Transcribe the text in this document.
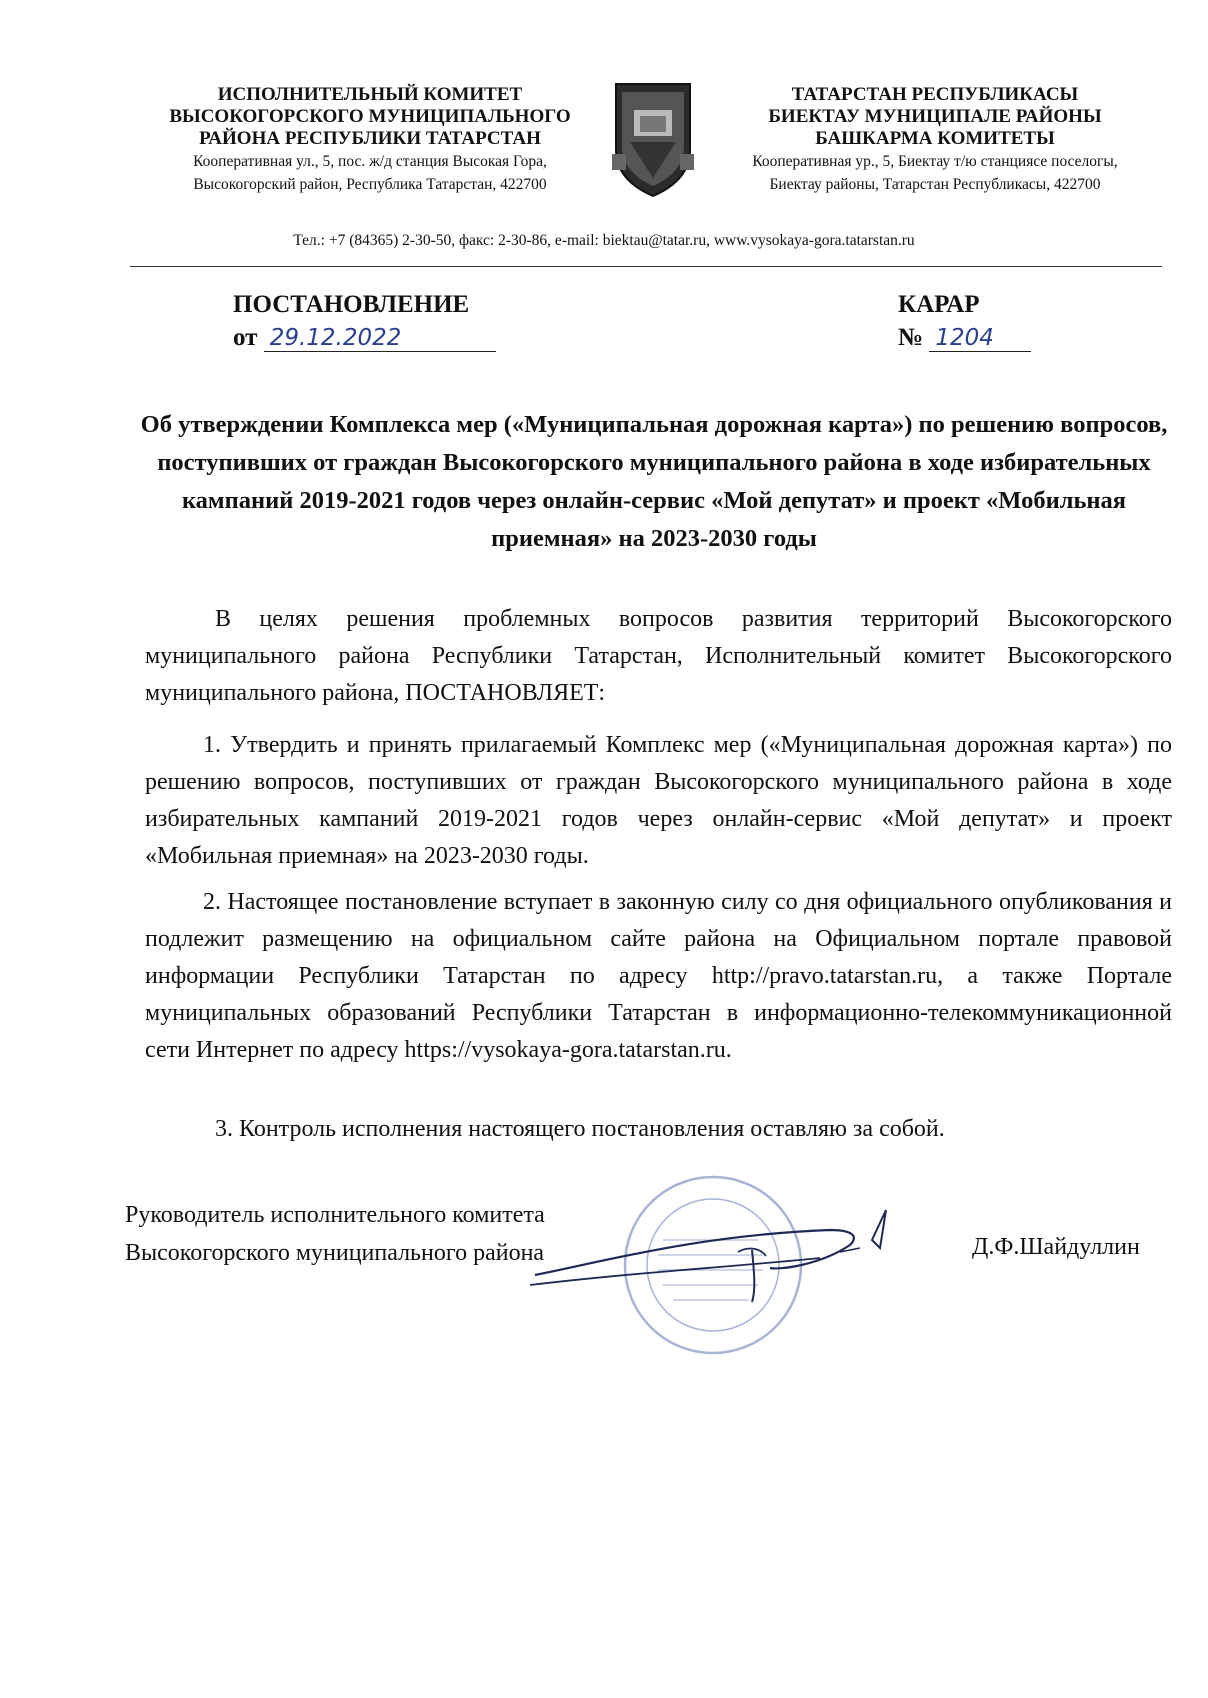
ИСПОЛНИТЕЛЬНЫЙ КОМИТЕТ
ВЫСОКОГОРСКОГО МУНИЦИПАЛЬНОГО
РАЙОНА РЕСПУБЛИКИ ТАТАРСТАН
Кооперативная ул., 5, пос. ж/д станция Высокая Гора,
Высокогорский район, Республика Татарстан, 422700
ТАТАРСТАН РЕСПУБЛИКАСЫ
БИЕКТАУ МУНИЦИПАЛЕ РАЙОНЫ
БАШКАРМА КОМИТЕТЫ
Кооперативная ур., 5, Биектау т/ю станциясе поселогы,
Биектау районы, Татарстан Республикасы, 422700
Тел.: +7 (84365) 2-30-50, факс: 2-30-86, e-mail: biektau@tatar.ru, www.vysokaya-gora.tatarstan.ru
ПОСТАНОВЛЕНИЕ
от 29.12.2022
КАРАР
№ 1204
Об утверждении Комплекса мер («Муниципальная дорожная карта») по решению вопросов, поступивших от граждан Высокогорского муниципального района в ходе избирательных кампаний 2019-2021 годов через онлайн-сервис «Мой депутат» и проект «Мобильная приемная» на 2023-2030 годы
В целях решения проблемных вопросов развития территорий Высокогорского муниципального района Республики Татарстан, Исполнительный комитет Высокогорского муниципального района, ПОСТАНОВЛЯЕТ:
1. Утвердить и принять прилагаемый Комплекс мер («Муниципальная дорожная карта») по решению вопросов, поступивших от граждан Высокогорского муниципального района в ходе избирательных кампаний 2019-2021 годов через онлайн-сервис «Мой депутат» и проект «Мобильная приемная» на 2023-2030 годы.
2. Настоящее постановление вступает в законную силу со дня официального опубликования и подлежит размещению на официальном сайте района на Официальном портале правовой информации Республики Татарстан по адресу http://pravo.tatarstan.ru, а также Портале муниципальных образований Республики Татарстан в информационно-телекоммуникационной сети Интернет по адресу https://vysokaya-gora.tatarstan.ru.
3. Контроль исполнения настоящего постановления оставляю за собой.
Руководитель исполнительного комитета
Высокогорского муниципального района	Д.Ф.Шайдуллин
